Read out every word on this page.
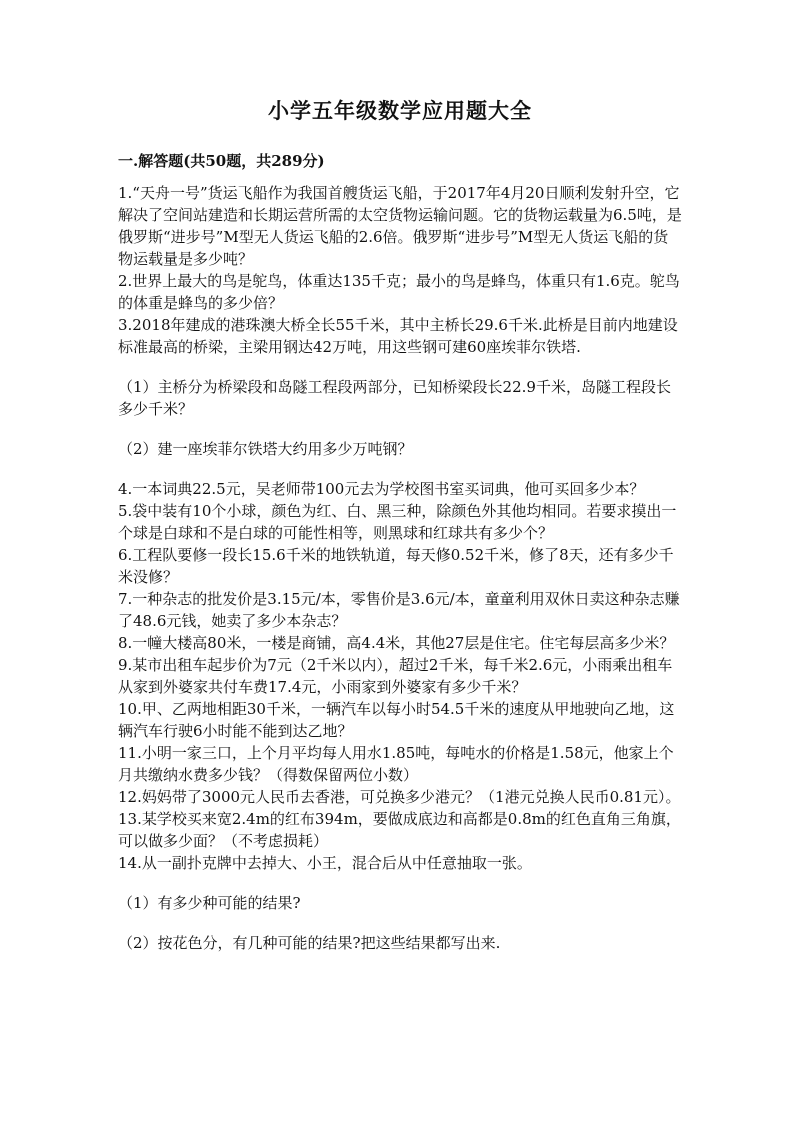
小学五年级数学应用题大全
一.解答题(共50题，共289分)

1.“天舟一号”货运飞船作为我国首艘货运飞船，于2017年4月20日顺利发射升空，它解决了空间站建造和长期运营所需的太空货物运输问题。它的货物运载量为6.5吨，是俄罗斯“进步号”M型无人货运飞船的2.6倍。俄罗斯“进步号”M型无人货运飞船的货物运载量是多少吨？

2.世界上最大的鸟是鸵鸟，体重达135千克；最小的鸟是蜂鸟，体重只有1.6克。鸵鸟的体重是蜂鸟的多少倍？

3.2018年建成的港珠澳大桥全长55千米，其中主桥长29.6千米.此桥是目前内地建设标准最高的桥梁，主梁用钢达42万吨，用这些钢可建60座埃菲尔铁塔.

（1）主桥分为桥梁段和岛隧工程段两部分，已知桥梁段长22.9千米，岛隧工程段长多少千米？

（2）建一座埃菲尔铁塔大约用多少万吨钢？

4.一本词典22.5元，吴老师带100元去为学校图书室买词典，他可买回多少本？

5.袋中装有10个小球，颜色为红、白、黑三种，除颜色外其他均相同。若要求摸出一个球是白球和不是白球的可能性相等，则黑球和红球共有多少个？

6.工程队要修一段长15.6千米的地铁轨道，每天修0.52千米，修了8天，还有多少千米没修？

7.一种杂志的批发价是3.15元/本，零售价是3.6元/本，童童利用双休日卖这种杂志赚了48.6元钱，她卖了多少本杂志？

8.一幢大楼高80米，一楼是商铺，高4.4米，其他27层是住宅。住宅每层高多少米？

9.某市出租车起步价为7元（2千米以内），超过2千米，每千米2.6元，小雨乘出租车从家到外婆家共付车费17.4元，小雨家到外婆家有多少千米？

10.甲、乙两地相距30千米，一辆汽车以每小时54.5千米的速度从甲地驶向乙地，这辆汽车行驶6小时能不能到达乙地？

11.小明一家三口，上个月平均每人用水1.85吨，每吨水的价格是1.58元，他家上个月共缴纳水费多少钱？（得数保留两位小数）

12.妈妈带了3000元人民币去香港，可兑换多少港元？（1港元兑换人民币0.81元）。

13.某学校买来宽2.4m的红布394m，要做成底边和高都是0.8m的红色直角三角旗，可以做多少面？（不考虑损耗）

14.从一副扑克牌中去掉大、小王，混合后从中任意抽取一张。

（1）有多少种可能的结果?

（2）按花色分，有几种可能的结果?把这些结果都写出来.
